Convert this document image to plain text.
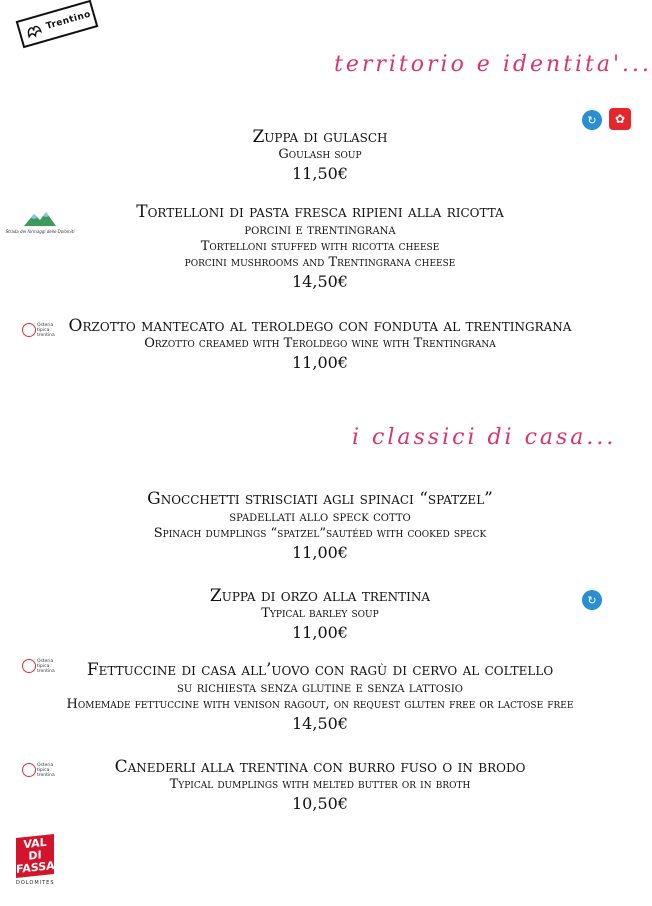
Trentino
territorio e identita'...
↻	✿
Zuppa di gulasch
Goulash soup
11,50€
Strada dei formaggi delle Dolomiti
Tortelloni di pasta fresca ripieni alla ricotta
porcini e trentingrana
Tortelloni stuffed with ricotta cheese
porcini mushrooms and Trentingrana cheese
14,50€
Osteria tipica trentina Orzotto mantecato al teroldego con fonduta al trentingrana
Orzotto creamed with Teroldego wine with Trentingrana
11,00€
i classici di casa...
Gnocchetti strisciati agli spinaci “spatzel”
spadellati allo speck cotto
Spinach dumplings “spatzel”sautéed with cooked speck
11,00€
↻
Zuppa di orzo alla trentina
Typical barley soup
11,00€
Osteria tipica trentina	Fettuccine di casa all’uovo con ragù di cervo al coltello
su richiesta senza glutine e senza lattosio
Homemade fettuccine with venison ragout, on request gluten free or lactose free
14,50€
Osteria tipica trentina	Canederli alla trentina con burro fuso o in brodo
Typical dumplings with melted butter or in broth
10,50€
VAL DI
FASSA
DOLOMITES
